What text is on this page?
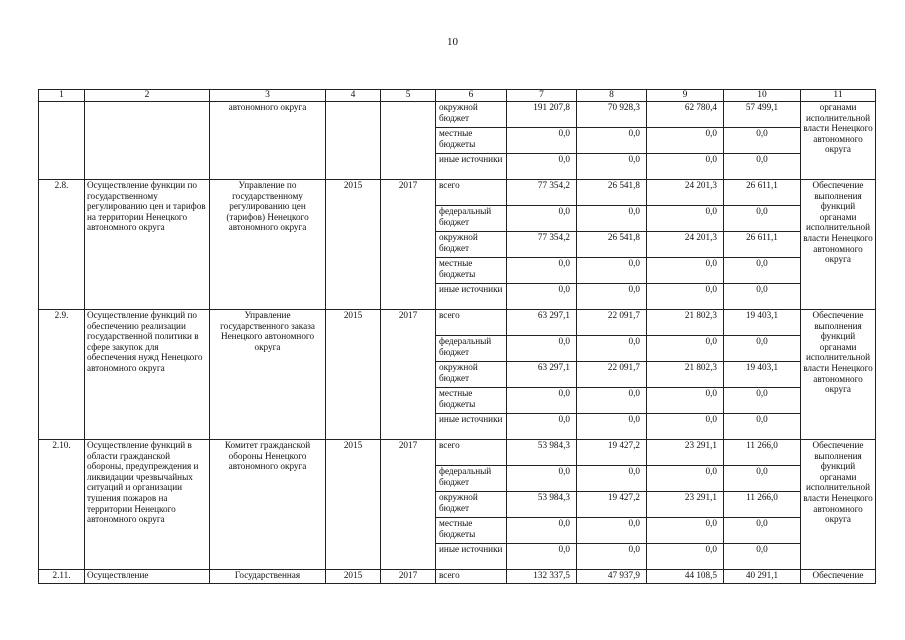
10
1	2	3	4	5	6	7	8	9	10	11
		автономного округа			окружной бюджет	191 207,8	70 928,3	62 780,4	57 499,1	органами исполнительной власти Ненецкого автономного округа
					местные бюджеты	0,0	0,0	0,0	0,0	
					иные источники	0,0	0,0	0,0	0,0	
2.8.	Осуществление функции по государственному регулированию цен и тарифов на территории Ненецкого автономного округа	Управление по государственному регулированию цен (тарифов) Ненецкого автономного округа	2015	2017	всего	77 354,2	26 541,8	24 201,3	26 611,1	Обеспечение выполнения функций органами исполнительной власти Ненецкого автономного округа
					федеральный бюджет	0,0	0,0	0,0	0,0	
					окружной бюджет	77 354,2	26 541,8	24 201,3	26 611,1	
					местные бюджеты	0,0	0,0	0,0	0,0	
					иные источники	0,0	0,0	0,0	0,0	
2.9.	Осуществление функций по обеспечению реализации государственной политики в сфере закупок для обеспечения нужд Ненецкого автономного округа	Управление государственного заказа Ненецкого автономного округа	2015	2017	всего	63 297,1	22 091,7	21 802,3	19 403,1	Обеспечение выполнения функций органами исполнительной власти Ненецкого автономного округа
					федеральный бюджет	0,0	0,0	0,0	0,0	
					окружной бюджет	63 297,1	22 091,7	21 802,3	19 403,1	
					местные бюджеты	0,0	0,0	0,0	0,0	
					иные источники	0,0	0,0	0,0	0,0	
2.10.	Осуществление функций в области гражданской обороны, предупреждения и ликвидации чрезвычайных ситуаций и организации тушения пожаров на территории Ненецкого автономного округа	Комитет гражданской обороны Ненецкого автономного округа	2015	2017	всего	53 984,3	19 427,2	23 291,1	11 266,0	Обеспечение выполнения функций органами исполнительной власти Ненецкого автономного округа
					федеральный бюджет	0,0	0,0	0,0	0,0	
					окружной бюджет	53 984,3	19 427,2	23 291,1	11 266,0	
					местные бюджеты	0,0	0,0	0,0	0,0	
					иные источники	0,0	0,0	0,0	0,0	
2.11.	Осуществление	Государственная	2015	2017	всего	132 337,5	47 937,9	44 108,5	40 291,1	Обеспечение
